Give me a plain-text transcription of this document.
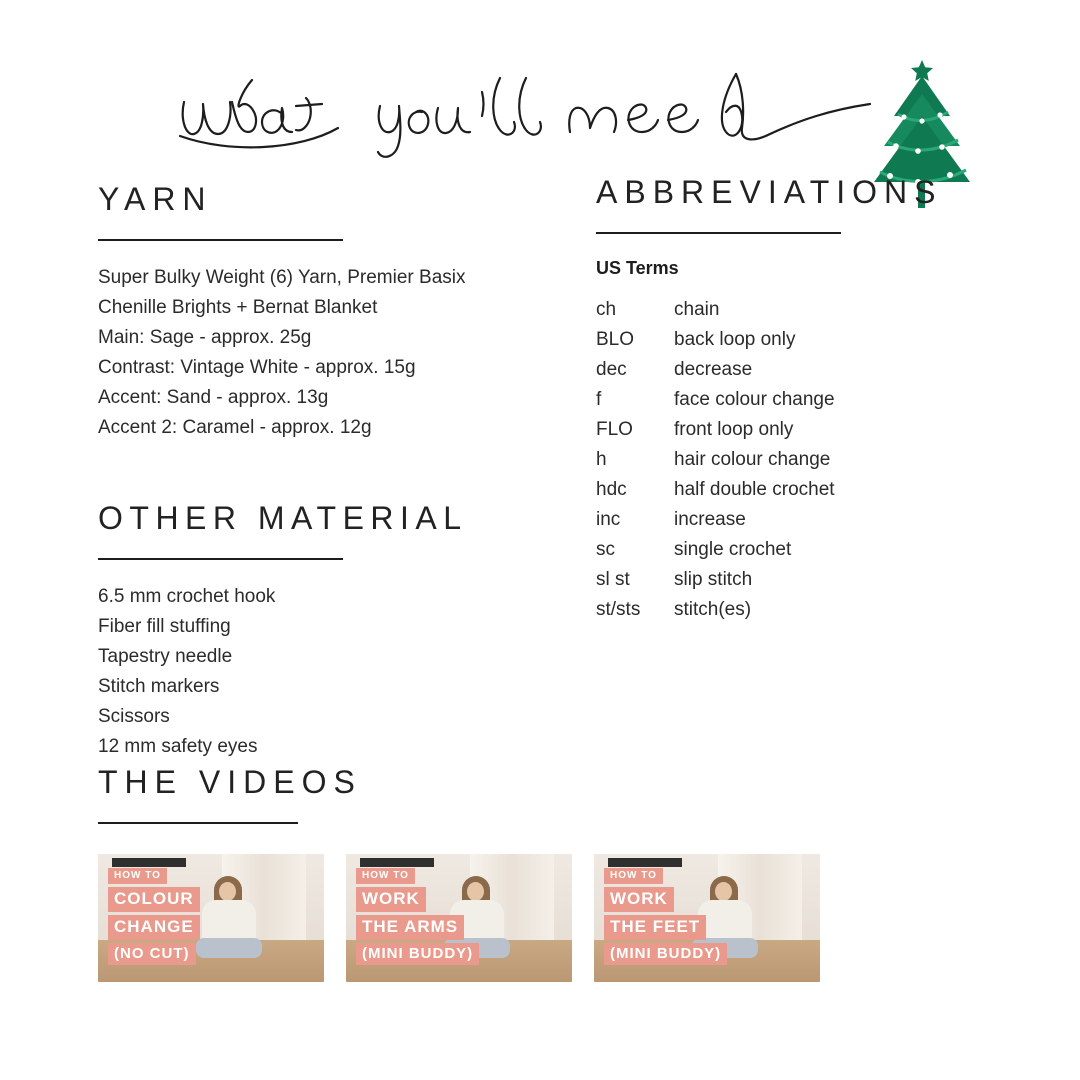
YARN
Super Bulky Weight (6) Yarn, Premier Basix
Chenille Brights + Bernat Blanket
Main: Sage - approx. 25g
Contrast: Vintage White - approx. 15g
Accent: Sand - approx. 13g
Accent 2: Caramel - approx. 12g
OTHER MATERIAL
6.5 mm crochet hook
Fiber fill stuffing
Tapestry needle
Stitch markers
Scissors
12 mm safety eyes
ABBREVIATIONS
US Terms
ch	chain
BLO	back loop only
dec	decrease
f	face colour change
FLO	front loop only
h	hair colour change
hdc	half double crochet
inc	increase
sc	single crochet
sl st	slip stitch
st/sts	stitch(es)
THE VIDEOS
HOW TO
COLOUR
CHANGE
(NO CUT)
HOW TO
WORK
THE ARMS
(MINI BUDDY)
HOW TO
WORK
THE FEET
(MINI BUDDY)
